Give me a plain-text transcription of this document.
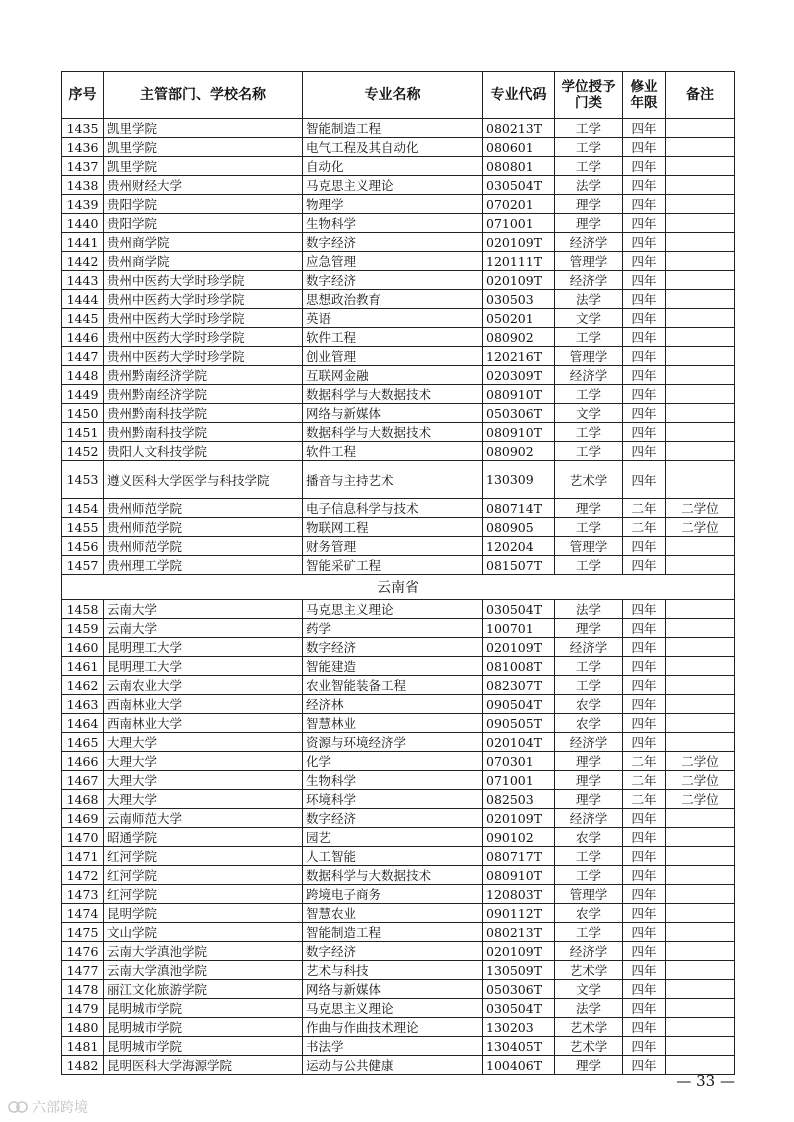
序号	主管部门、学校名称	专业名称	专业代码	学位授予门类	修业年限	备注
1435	凯里学院	智能制造工程	080213T	工学	四年	
1436	凯里学院	电气工程及其自动化	080601	工学	四年	
1437	凯里学院	自动化	080801	工学	四年	
1438	贵州财经大学	马克思主义理论	030504T	法学	四年	
1439	贵阳学院	物理学	070201	理学	四年	
1440	贵阳学院	生物科学	071001	理学	四年	
1441	贵州商学院	数字经济	020109T	经济学	四年	
1442	贵州商学院	应急管理	120111T	管理学	四年	
1443	贵州中医药大学时珍学院	数字经济	020109T	经济学	四年	
1444	贵州中医药大学时珍学院	思想政治教育	030503	法学	四年	
1445	贵州中医药大学时珍学院	英语	050201	文学	四年	
1446	贵州中医药大学时珍学院	软件工程	080902	工学	四年	
1447	贵州中医药大学时珍学院	创业管理	120216T	管理学	四年	
1448	贵州黔南经济学院	互联网金融	020309T	经济学	四年	
1449	贵州黔南经济学院	数据科学与大数据技术	080910T	工学	四年	
1450	贵州黔南科技学院	网络与新媒体	050306T	文学	四年	
1451	贵州黔南科技学院	数据科学与大数据技术	080910T	工学	四年	
1452	贵阳人文科技学院	软件工程	080902	工学	四年	
1453	遵义医科大学医学与科技学院	播音与主持艺术	130309	艺术学	四年	
1454	贵州师范学院	电子信息科学与技术	080714T	理学	二年	二学位
1455	贵州师范学院	物联网工程	080905	工学	二年	二学位
1456	贵州师范学院	财务管理	120204	管理学	四年	
1457	贵州理工学院	智能采矿工程	081507T	工学	四年	
云南省						
1458	云南大学	马克思主义理论	030504T	法学	四年	
1459	云南大学	药学	100701	理学	四年	
1460	昆明理工大学	数字经济	020109T	经济学	四年	
1461	昆明理工大学	智能建造	081008T	工学	四年	
1462	云南农业大学	农业智能装备工程	082307T	工学	四年	
1463	西南林业大学	经济林	090504T	农学	四年	
1464	西南林业大学	智慧林业	090505T	农学	四年	
1465	大理大学	资源与环境经济学	020104T	经济学	四年	
1466	大理大学	化学	070301	理学	二年	二学位
1467	大理大学	生物科学	071001	理学	二年	二学位
1468	大理大学	环境科学	082503	理学	二年	二学位
1469	云南师范大学	数字经济	020109T	经济学	四年	
1470	昭通学院	园艺	090102	农学	四年	
1471	红河学院	人工智能	080717T	工学	四年	
1472	红河学院	数据科学与大数据技术	080910T	工学	四年	
1473	红河学院	跨境电子商务	120803T	管理学	四年	
1474	昆明学院	智慧农业	090112T	农学	四年	
1475	文山学院	智能制造工程	080213T	工学	四年	
1476	云南大学滇池学院	数字经济	020109T	经济学	四年	
1477	云南大学滇池学院	艺术与科技	130509T	艺术学	四年	
1478	丽江文化旅游学院	网络与新媒体	050306T	文学	四年	
1479	昆明城市学院	马克思主义理论	030504T	法学	四年	
1480	昆明城市学院	作曲与作曲技术理论	130203	艺术学	四年	
1481	昆明城市学院	书法学	130405T	艺术学	四年	
1482	昆明医科大学海源学院	运动与公共健康	100406T	理学	四年	
— 33 —
六部跨境
